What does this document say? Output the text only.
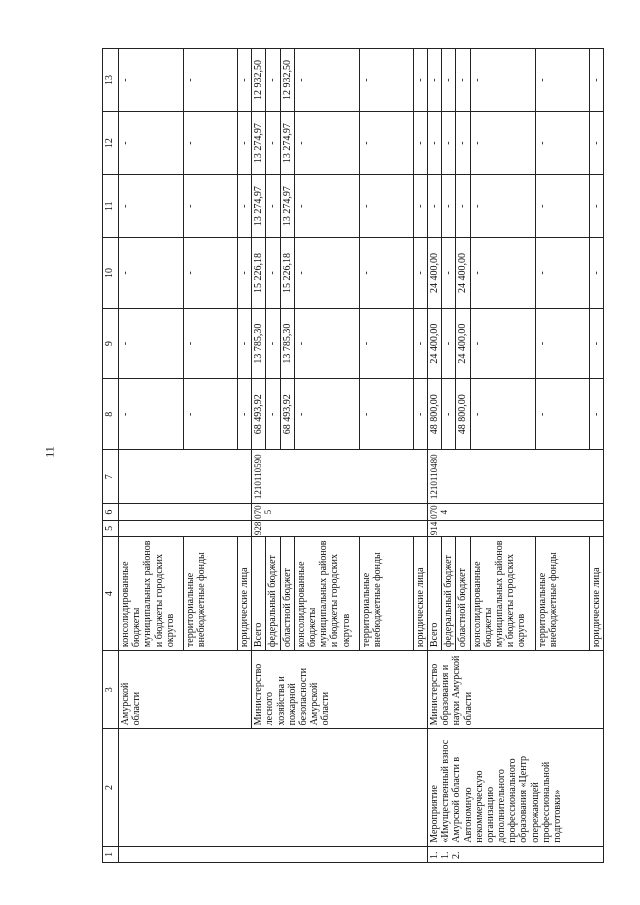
11
1	2	3	4	5	6	7	8	9	10	11	12	13
		Амурской области	консолидированные бюджеты муниципальных районов и бюджеты городских округов				-	-	-	-	-	-
			территориальные внебюджетные фонды				-	-	-	-	-	-
			юридические лица				-	-	-	-	-	-
		Министерство лесного хозяйства и пожарной безопасности Амурской области	Всего	928	0705	1210110590	68 493,92	13 785,30	15 226,18	13 274,97	13 274,97	12 932,50
			федеральный бюджет				-	-	-	-	-	-
			областной бюджет				68 493,92	13 785,30	15 226,18	13 274,97	13 274,97	12 932,50
			консолидированные бюджеты муниципальных районов и бюджеты городских округов				-	-	-	-	-	-
			территориальные внебюджетные фонды				-	-	-	-	-	-
			юридические лица				-	-	-	-	-	-
1.1.2.	Мероприятие «Имущественный взнос Амурской области в Автономную некоммерческую организацию дополнительного профессионального образования «Центр опережающей профессиональной подготовки»	Министерство образования и науки Амурской области	Всего	914	0704	1210110480	48 800,00	24 400,00	24 400,00	-	-	-
			федеральный бюджет				-	-	-	-	-	-
			областной бюджет				48 800,00	24 400,00	24 400,00	-	-	-
			консолидированные бюджеты муниципальных районов и бюджеты городских округов				-	-	-	-	-	-
			территориальные внебюджетные фонды				-	-	-	-	-	-
			юридические лица				-	-	-	-	-	-
